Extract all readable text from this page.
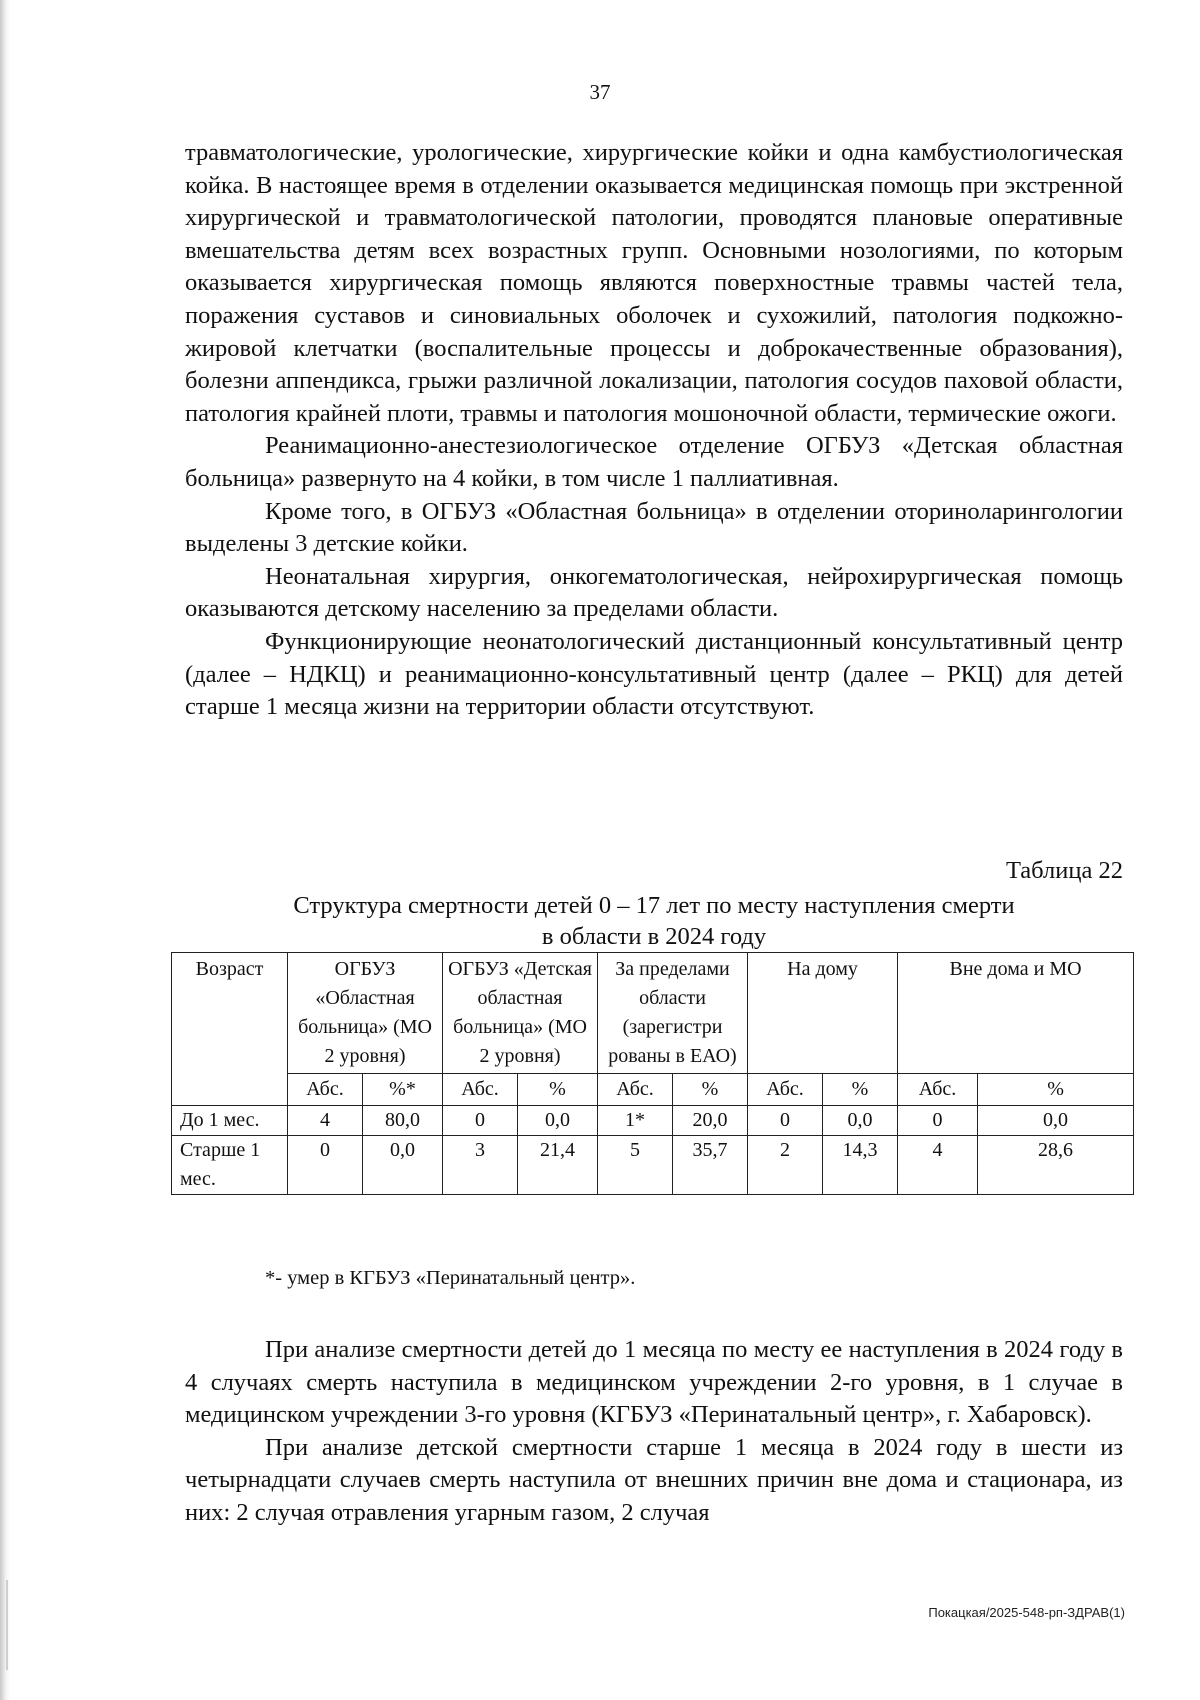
37

травматологические, урологические, хирургические койки и одна камбустиологическая койка. В настоящее время в отделении оказывается медицинская помощь при экстренной хирургической и травматологической патологии, проводятся плановые оперативные вмешательства детям всех возрастных групп. Основными нозологиями, по которым оказывается хирургическая помощь являются поверхностные травмы частей тела, поражения суставов и синовиальных оболочек и сухожилий, патология подкожно-жировой клетчатки (воспалительные процессы и доброкачественные образования), болезни аппендикса, грыжи различной локализации, патология сосудов паховой области, патология крайней плоти, травмы и патология мошоночной области, термические ожоги.

Реанимационно-анестезиологическое отделение ОГБУЗ «Детская областная больница» развернуто на 4 койки, в том числе 1 паллиативная.

Кроме того, в ОГБУЗ «Областная больница» в отделении оториноларингологии выделены 3 детские койки.

Неонатальная хирургия, онкогематологическая, нейрохирургическая помощь оказываются детскому населению за пределами области.

Функционирующие неонатологический дистанционный консультативный центр (далее – НДКЦ) и реанимационно-консультативный центр (далее – РКЦ) для детей старше 1 месяца жизни на территории области отсутствуют.

Таблица 22
Структура смертности детей 0 – 17 лет по месту наступления смерти
в области в 2024 году
Возраст	ОГБУЗ «Областная больница» (МО 2 уровня)		ОГБУЗ «Детская областная больница» (МО 2 уровня)		За пределами области (зарегистри рованы в ЕАО)		На дому		Вне дома и МО	
	Абс.	%*	Абс.	%	Абс.	%	Абс.	%	Абс.	%
До 1 мес.	4	80,0	0	0,0	1*	20,0	0	0,0	0	0,0
Старше 1 мес.	0	0,0	3	21,4	5	35,7	2	14,3	4	28,6
*- умер в КГБУЗ «Перинатальный центр».

При анализе смертности детей до 1 месяца по месту ее наступления в 2024 году в 4 случаях смерть наступила в медицинском учреждении 2-го уровня, в 1 случае в медицинском учреждении 3-го уровня (КГБУЗ «Перинатальный центр», г. Хабаровск).

При анализе детской смертности старше 1 месяца в 2024 году в шести из четырнадцати случаев смерть наступила от внешних причин вне дома и стационара, из них: 2 случая отравления угарным газом, 2 случая

Покацкая/2025-548-рп-ЗДРАВ(1)
